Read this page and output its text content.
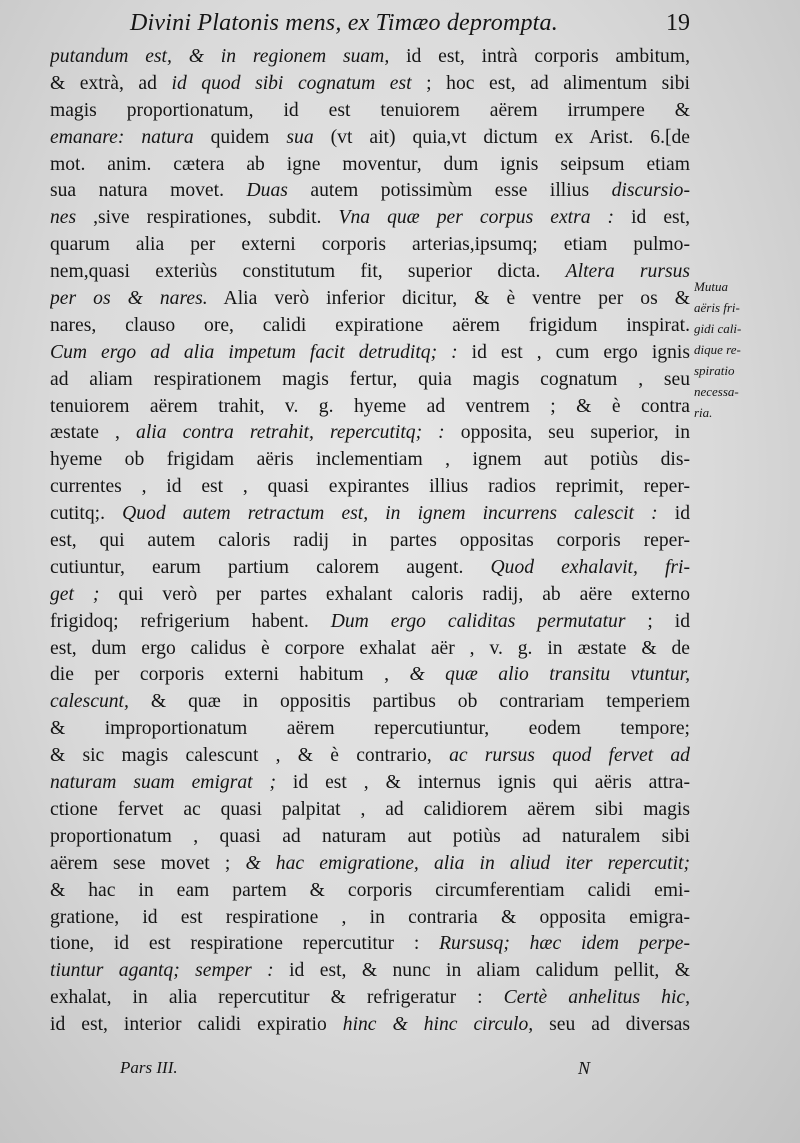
Divini Platonis mens, ex Timæo deprompta.	19
putandum est, & in regionem suam, id est, intrà corporis ambitum,
& extrà, ad id quod sibi cognatum est ; hoc est, ad alimentum sibi
magis proportionatum, id est tenuiorem aërem irrumpere &
emanare: natura quidem sua (vt ait) quia,vt dictum ex Arist. 6.[de
mot. anim. cætera ab igne moventur, dum ignis seipsum etiam
sua natura movet. Duas autem potissimùm esse illius discursio-
nes ,sive respirationes, subdit. Vna quæ per corpus extra : id est,
quarum alia per externi corporis arterias,ipsumq; etiam pulmo-
nem,quasi exteriùs constitutum fit, superior dicta. Altera rursus
per os & nares. Alia verò inferior dicitur, & è ventre per os &
nares, clauso ore, calidi expiratione aërem frigidum inspirat.
Cum ergo ad alia impetum facit detruditq; : id est , cum ergo ignis
ad aliam respirationem magis fertur, quia magis cognatum , seu
tenuiorem aërem trahit, v. g. hyeme ad ventrem ; & è contra
æstate , alia contra retrahit, repercutitq; : opposita, seu superior, in
hyeme ob frigidam aëris inclementiam , ignem aut potiùs dis-
currentes , id est , quasi expirantes illius radios reprimit, reper-
cutitq;. Quod autem retractum est, in ignem incurrens calescit : id
est, qui autem caloris radij in partes oppositas corporis reper-
cutiuntur, earum partium calorem augent. Quod exhalavit, fri-
get ; qui verò per partes exhalant caloris radij, ab aëre externo
frigidoq; refrigerium habent. Dum ergo caliditas permutatur ; id
est, dum ergo calidus è corpore exhalat aër , v. g. in æstate & de
die per corporis externi habitum , & quæ alio transitu vtuntur,
calescunt, & quæ in oppositis partibus ob contrariam temperiem
& improportionatum aërem repercutiuntur, eodem tempore;
& sic magis calescunt , & è contrario, ac rursus quod fervet ad
naturam suam emigrat ; id est , & internus ignis qui aëris attra-
ctione fervet ac quasi palpitat , ad calidiorem aërem sibi magis
proportionatum , quasi ad naturam aut potiùs ad naturalem sibi
aërem sese movet ; & hac emigratione, alia in aliud iter repercutit;
& hac in eam partem & corporis circumferentiam calidi emi-
gratione, id est respiratione , in contraria & opposita emigra-
tione, id est respiratione repercutitur : Rursusq; hæc idem perpe-
tiuntur agantq; semper : id est, & nunc in aliam calidum pellit, &
exhalat, in alia repercutitur & refrigeratur : Certè anhelitus hic,
id est, interior calidi expiratio hinc & hinc circulo, seu ad diversas
Mutua
aëris fri-
gidi cali-
dique re-
spiratio
necessa-
ria.
Pars III.	N
